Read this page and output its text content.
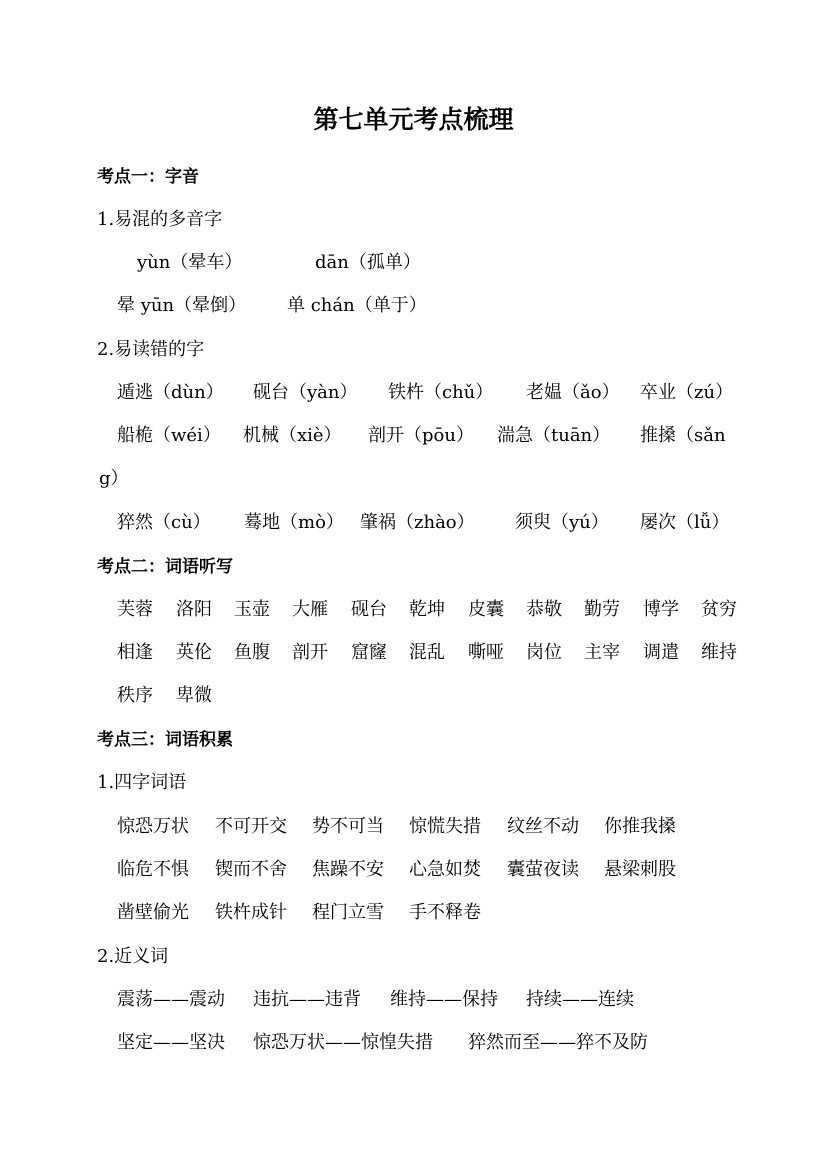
第七单元考点梳理
考点一：字音
1.易混的多音字
yùn（晕车）	dān（孤单）
晕 yūn（晕倒） 单 chán（单于）
2.易读错的字
遁逃（dùn） 砚台（yàn） 铁杵（chǔ） 老媪（ǎo） 卒业（zú）
船桅（wéi） 机械（xiè） 剖开（pōu） 湍急（tuān） 推搡（sǎn
g）
猝然（cù） 蓦地（mò） 肇祸（zhào） 须臾（yú） 屡次（lǚ）
考点二：词语听写
芙蓉 洛阳 玉壶 大雁 砚台 乾坤 皮囊 恭敬 勤劳 博学 贫穷
相逢 英伦 鱼腹 剖开 窟窿 混乱 嘶哑 岗位 主宰 调遣 维持
秩序 卑微
考点三：词语积累
1.四字词语
惊恐万状 不可开交 势不可当 惊慌失措 纹丝不动 你推我搡
临危不惧 锲而不舍 焦躁不安 心急如焚 囊萤夜读 悬梁刺股
凿壁偷光 铁杵成针 程门立雪 手不释卷
2.近义词
震荡——震动 违抗——违背 维持——保持 持续——连续
坚定——坚决 惊恐万状——惊惶失措 猝然而至——猝不及防
